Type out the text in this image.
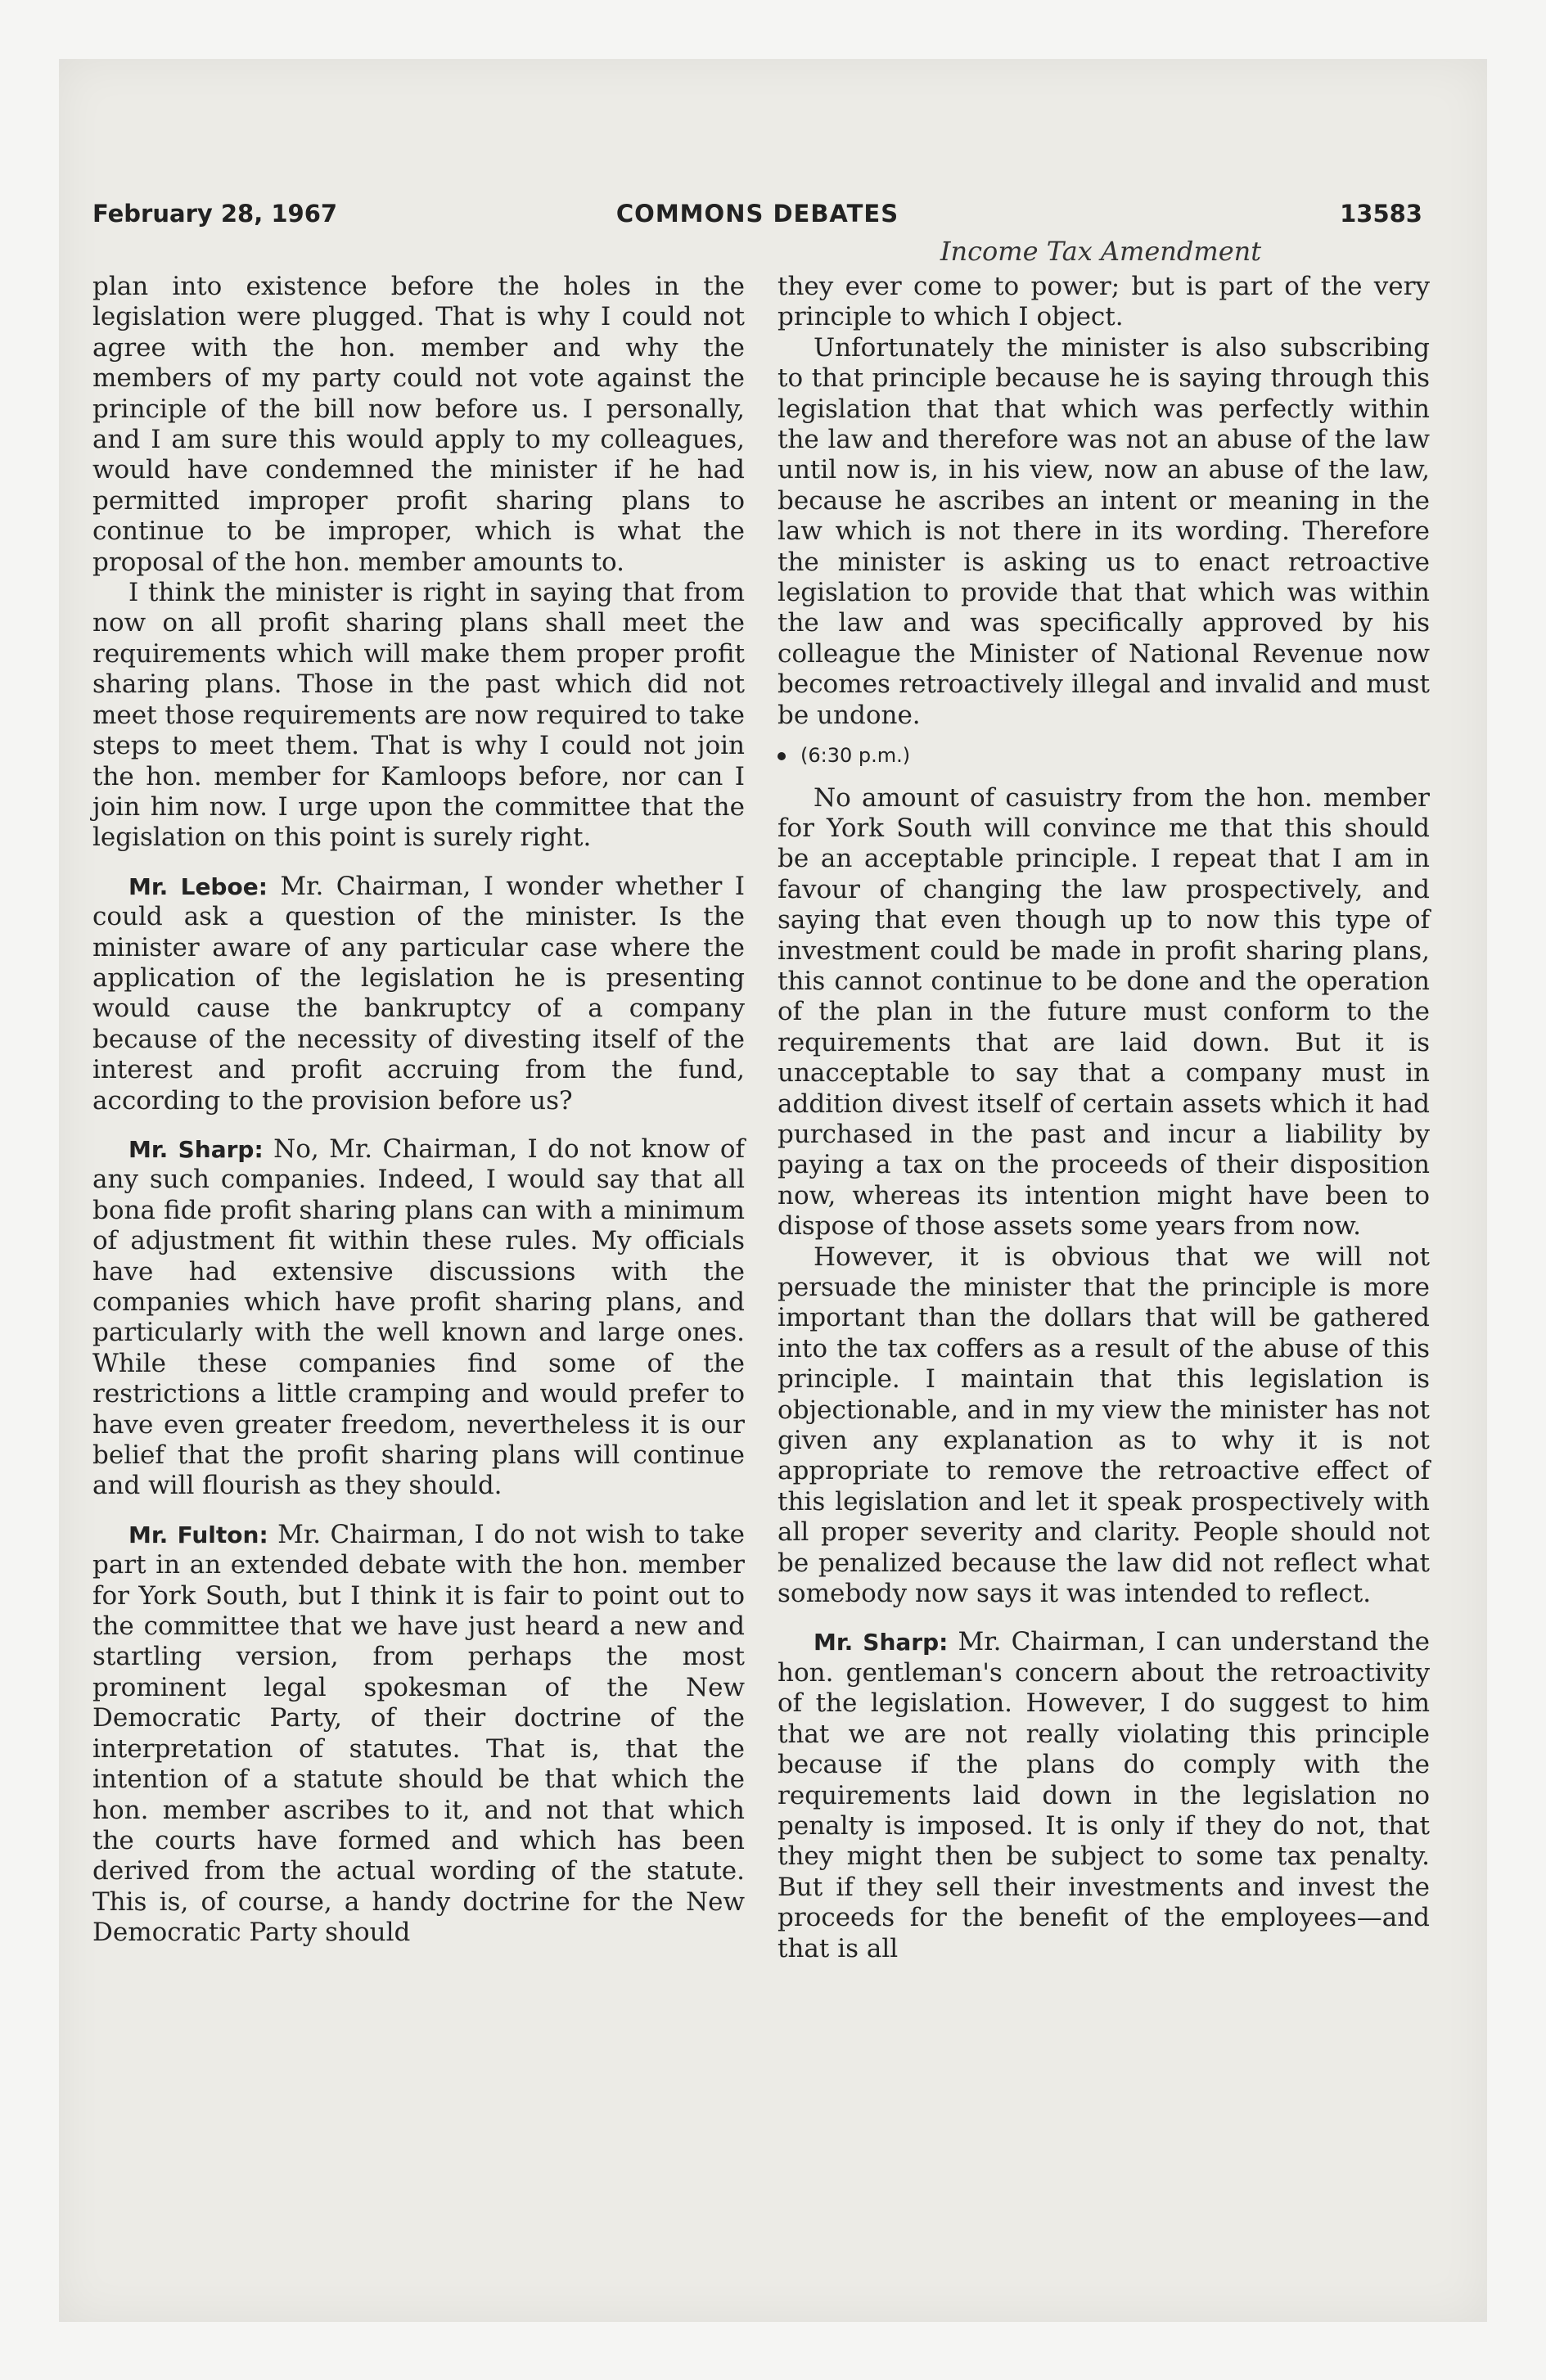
February 28, 1967	COMMONS DEBATES	13583
Income Tax Amendment

plan into existence before the holes in the legislation were plugged. That is why I could not agree with the hon. member and why the members of my party could not vote against the principle of the bill now before us. I personally, and I am sure this would apply to my colleagues, would have condemned the minister if he had permitted improper profit sharing plans to continue to be improper, which is what the proposal of the hon. member amounts to.

I think the minister is right in saying that from now on all profit sharing plans shall meet the requirements which will make them proper profit sharing plans. Those in the past which did not meet those requirements are now required to take steps to meet them. That is why I could not join the hon. member for Kamloops before, nor can I join him now. I urge upon the committee that the legislation on this point is surely right.

Mr. Leboe: Mr. Chairman, I wonder whether I could ask a question of the minister. Is the minister aware of any particular case where the application of the legislation he is presenting would cause the bankruptcy of a company because of the necessity of divesting itself of the interest and profit accruing from the fund, according to the provision before us?

Mr. Sharp: No, Mr. Chairman, I do not know of any such companies. Indeed, I would say that all bona fide profit sharing plans can with a minimum of adjustment fit within these rules. My officials have had extensive discussions with the companies which have profit sharing plans, and particularly with the well known and large ones. While these companies find some of the restrictions a little cramping and would prefer to have even greater freedom, nevertheless it is our belief that the profit sharing plans will continue and will flourish as they should.

Mr. Fulton: Mr. Chairman, I do not wish to take part in an extended debate with the hon. member for York South, but I think it is fair to point out to the committee that we have just heard a new and startling version, from perhaps the most prominent legal spokesman of the New Democratic Party, of their doctrine of the interpretation of statutes. That is, that the intention of a statute should be that which the hon. member ascribes to it, and not that which the courts have formed and which has been derived from the actual wording of the statute. This is, of course, a handy doctrine for the New Democratic Party should

they ever come to power; but is part of the very principle to which I object.

Unfortunately the minister is also subscribing to that principle because he is saying through this legislation that that which was perfectly within the law and therefore was not an abuse of the law until now is, in his view, now an abuse of the law, because he ascribes an intent or meaning in the law which is not there in its wording. Therefore the minister is asking us to enact retroactive legislation to provide that that which was within the law and was specifically approved by his colleague the Minister of National Revenue now becomes retroactively illegal and invalid and must be undone.

(6:30 p.m.)

No amount of casuistry from the hon. member for York South will convince me that this should be an acceptable principle. I repeat that I am in favour of changing the law prospectively, and saying that even though up to now this type of investment could be made in profit sharing plans, this cannot continue to be done and the operation of the plan in the future must conform to the requirements that are laid down. But it is unacceptable to say that a company must in addition divest itself of certain assets which it had purchased in the past and incur a liability by paying a tax on the proceeds of their disposition now, whereas its intention might have been to dispose of those assets some years from now.

However, it is obvious that we will not persuade the minister that the principle is more important than the dollars that will be gathered into the tax coffers as a result of the abuse of this principle. I maintain that this legislation is objectionable, and in my view the minister has not given any explanation as to why it is not appropriate to remove the retroactive effect of this legislation and let it speak prospectively with all proper severity and clarity. People should not be penalized because the law did not reflect what somebody now says it was intended to reflect.

Mr. Sharp: Mr. Chairman, I can understand the hon. gentleman's concern about the retroactivity of the legislation. However, I do suggest to him that we are not really violating this principle because if the plans do comply with the requirements laid down in the legislation no penalty is imposed. It is only if they do not, that they might then be subject to some tax penalty. But if they sell their investments and invest the proceeds for the benefit of the employees—and that is all
